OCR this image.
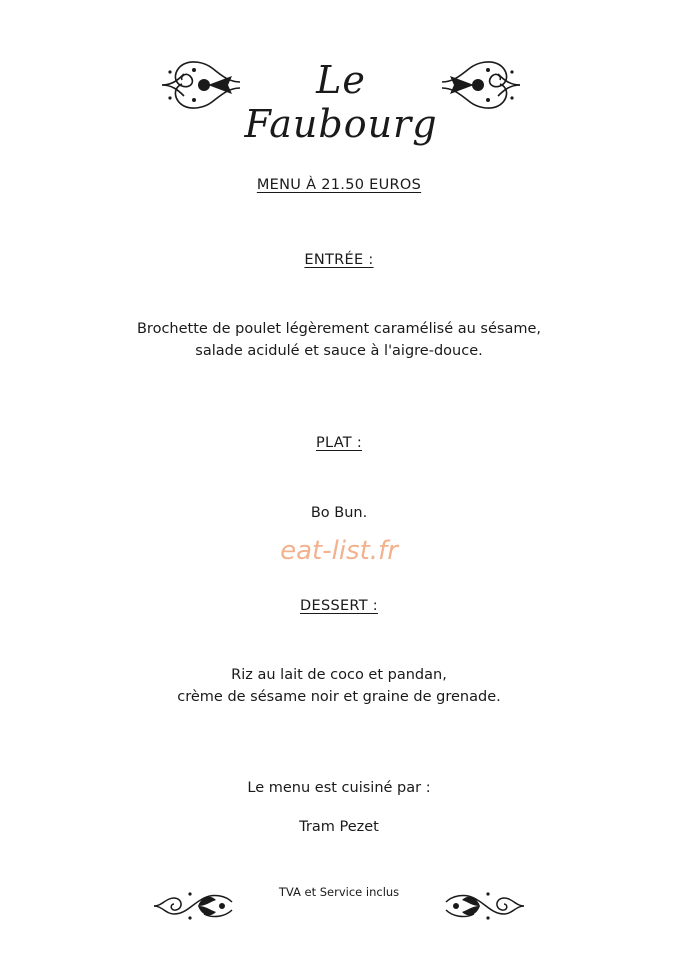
Le Faubourg
MENU À 21.50 EUROS
ENTRÉE :
Brochette de poulet légèrement caramélisé au sésame,
salade acidulé et sauce à l'aigre-douce.
PLAT :
Bo Bun.
eat-list.fr
DESSERT :
Riz au lait de coco et pandan,
crème de sésame noir et graine de grenade.
Le menu est cuisiné par :
Tram Pezet
TVA et Service inclus
